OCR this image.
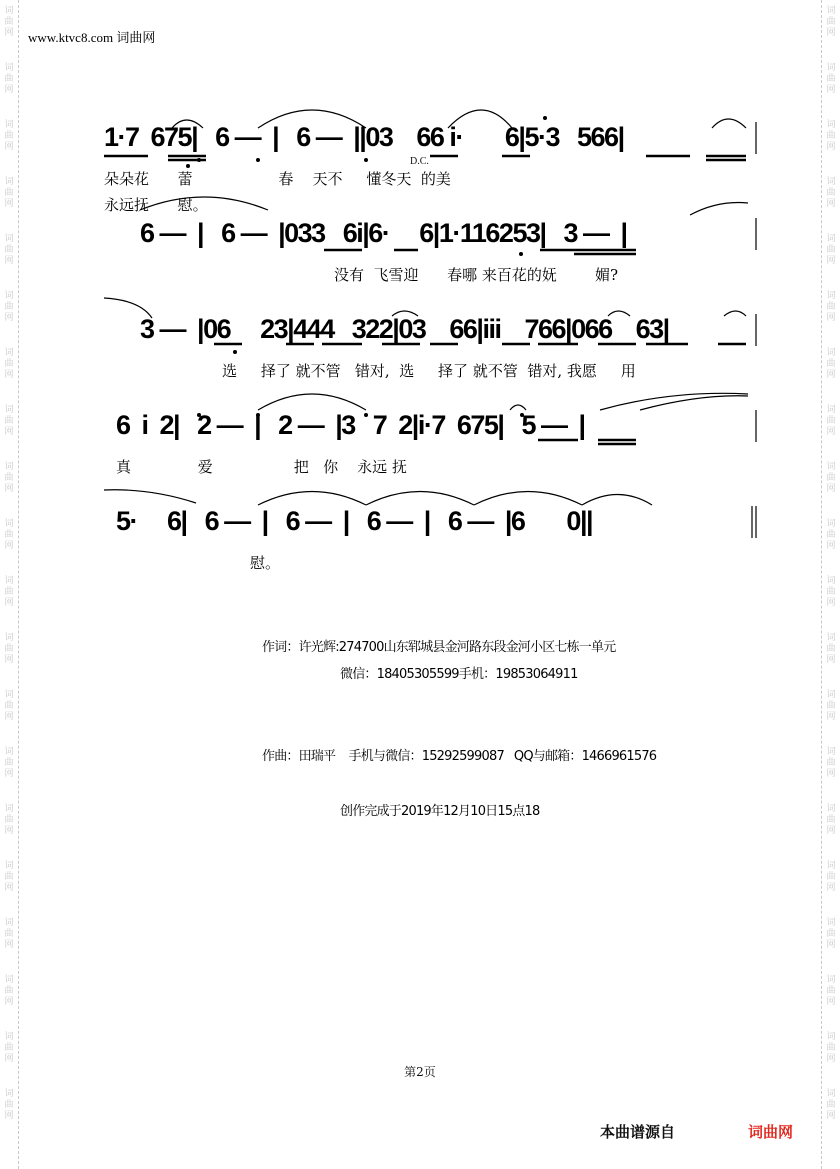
词
曲
网
词
曲
网
词
曲
网
词
曲
网
词
曲
网
词
曲
网
词
曲
网
词
曲
网
词
曲
网
词
曲
网
词
曲
网
词
曲
网
词
曲
网
词
曲
网
词
曲
网
词
曲
网
词
曲
网
词
曲
网
词
曲
网
词
曲
网
词
曲
网
词
曲
网
词
曲
网
词
曲
网
词
曲
网
词
曲
网
词
曲
网
词
曲
网
词
曲
网
词
曲
网
词
曲
网
词
曲
网
词
曲
网
词
曲
网
词
曲
网
词
曲
网
词
曲
网
词
曲
网
词
曲
网
词
曲
网
www.ktvc8.com 词曲网
D.C.
1·7  675|   6 —  |   6 —  ||03    66 i·       6|5·3   566|
朵朵花      蕾                  春    天不     懂冬天  的美
永远抚      慰。
6 —  |   6 —  |033   6i|6·     6|1·116253|   3 —  |
没有  飞雪迎      春哪 来百花的妩        媚?
3 —  |06     23|444   322|03    66|iii    766|066    63|
选     择了 就不管   错对,  选     择了 就不管  错对, 我愿     用
6  i  2|   2 —  |   2 —  |3   7  2|i·7  675|   5 —  |
真              爱                 把   你    永远 抚
5·     6|   6 —  |   6 —  |   6 —  |   6 —  |6       0||
慰。
作词：许光辉:274700山东郓城县金河路东段金河小区七栋一单元
微信：18405305599手机：19853064911
作曲：田瑞平    手机与微信：15292599087   QQ与邮箱：1466961576
创作完成于2019年12月10日15点18
第2页
本曲谱源自	词曲网
